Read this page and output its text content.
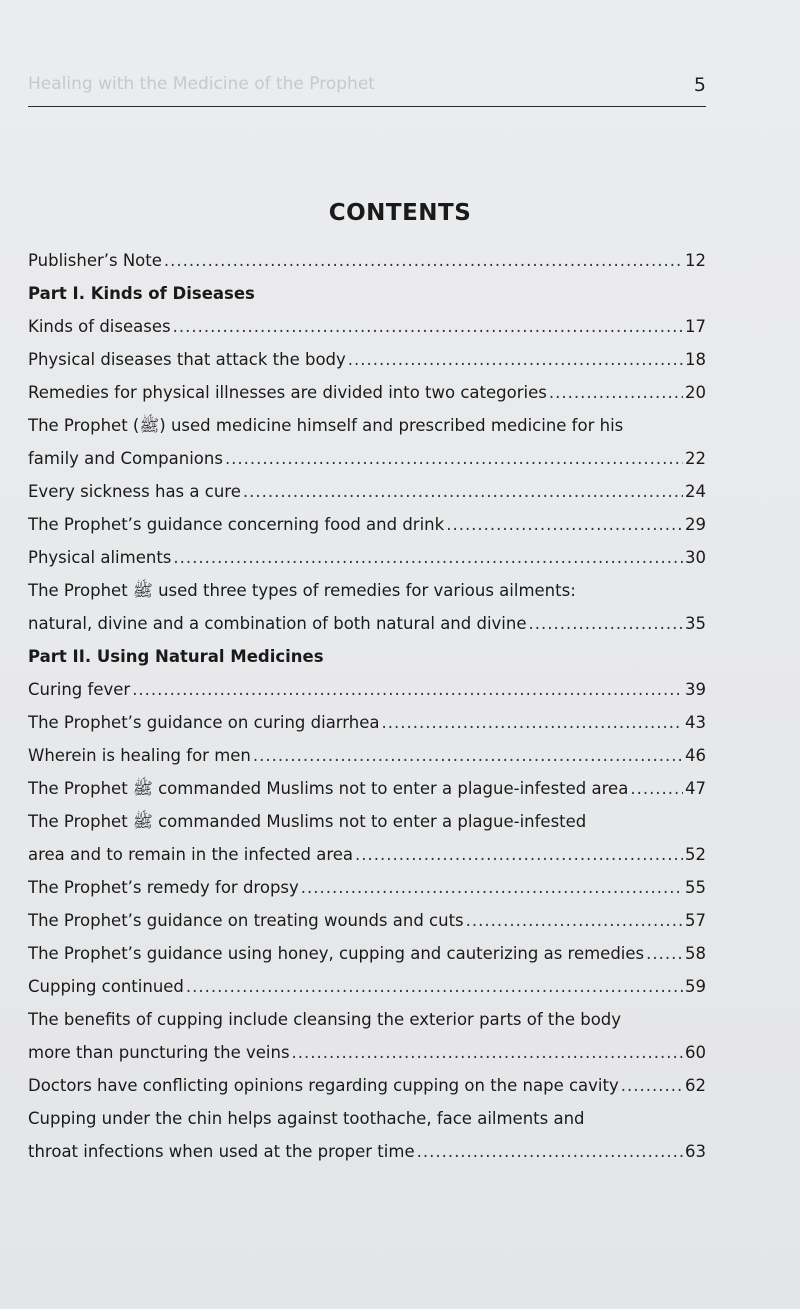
Healing with the Medicine of the Prophet	5
CONTENTS
Publisher’s Note .....	12
Part I. Kinds of Diseases
Kinds of diseases .....	17
Physical diseases that attack the body .....	18
Remedies for physical illnesses are divided into two categories .....	20
The Prophet (ﷺ) used medicine himself and prescribed medicine for his
family and Companions .....	22
Every sickness has a cure .....	24
The Prophet’s guidance concerning food and drink .....	29
Physical aliments .....	30
The Prophet ﷺ used three types of remedies for various ailments:
natural, divine and a combination of both natural and divine .....	35
Part II. Using Natural Medicines
Curing fever .....	39
The Prophet’s guidance on curing diarrhea .....	43
Wherein is healing for men .....	46
The Prophet ﷺ commanded Muslims not to enter a plague-infested area .....	47
The Prophet ﷺ commanded Muslims not to enter a plague-infested
area and to remain in the infected area .....	52
The Prophet’s remedy for dropsy .....	55
The Prophet’s guidance on treating wounds and cuts .....	57
The Prophet’s guidance using honey, cupping and cauterizing as remedies ..... 58
Cupping continued .....	59
The benefits of cupping include cleansing the exterior parts of the body
more than puncturing the veins .....	60
Doctors have conflicting opinions regarding cupping on the nape cavity .....	62
Cupping under the chin helps against toothache, face ailments and
throat infections when used at the proper time .....	63
